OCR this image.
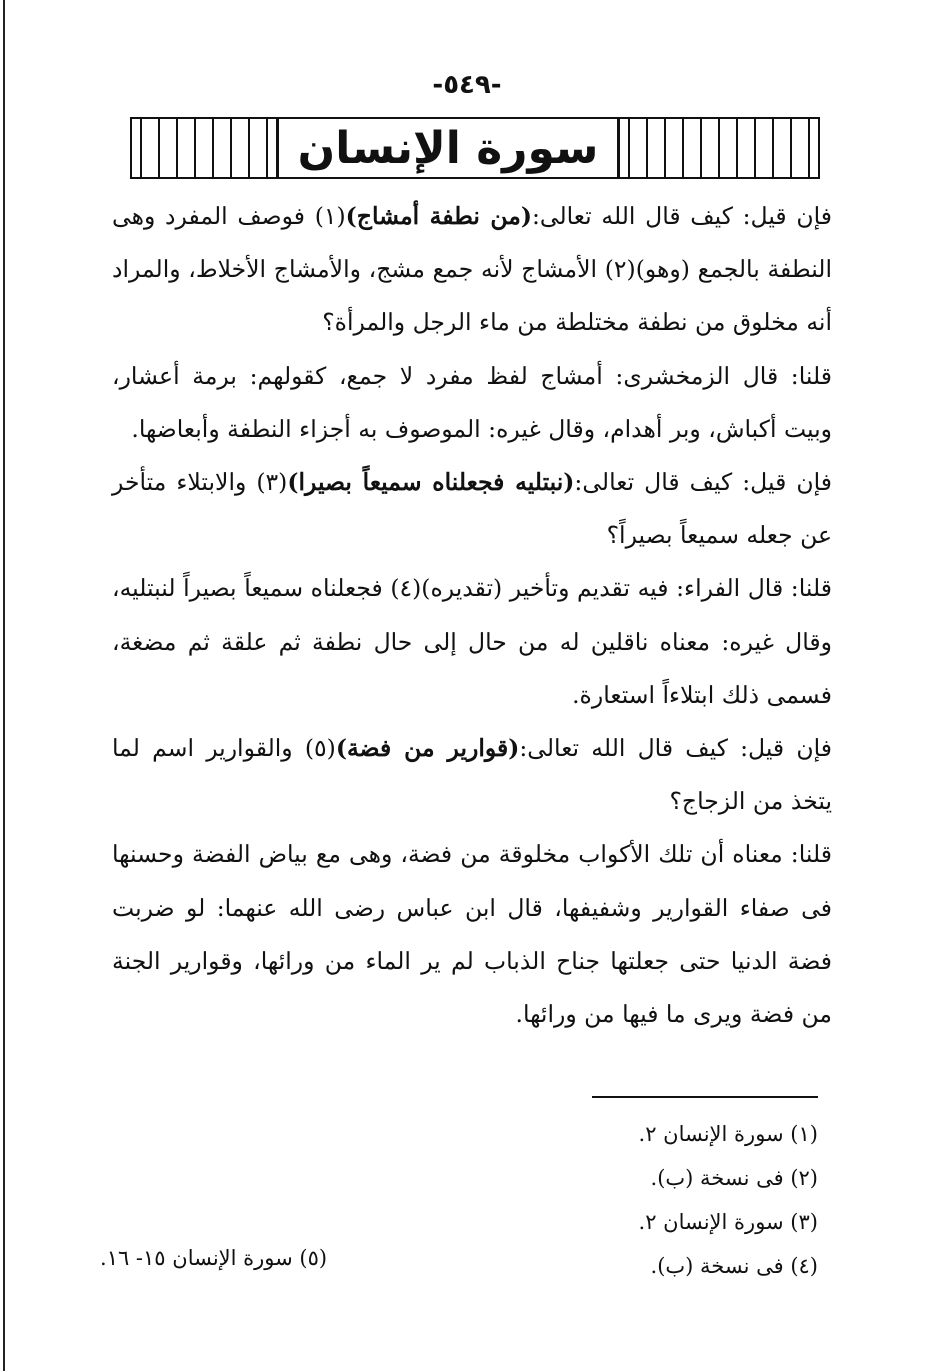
-٥٤٩-
سورة الإنسان

فإن قيل: كيف قال الله تعالى:(من نطفة أمشاج)(١) فوصف المفرد وهى النطفة بالجمع (وهو)(٢) الأمشاج لأنه جمع مشج، والأمشاج الأخلاط، والمراد أنه مخلوق من نطفة مختلطة من ماء الرجل والمرأة؟

قلنا: قال الزمخشرى: أمشاج لفظ مفرد لا جمع، كقولهم: برمة أعشار، وبيت أكباش، وبر أهدام، وقال غيره: الموصوف به أجزاء النطفة وأبعاضها.

فإن قيل: كيف قال تعالى:(نبتليه فجعلناه سميعاً بصيرا)(٣) والابتلاء متأخر عن جعله سميعاً بصيراً؟

قلنا: قال الفراء: فيه تقديم وتأخير (تقديره)(٤) فجعلناه سميعاً بصيراً لنبتليه، وقال غيره: معناه ناقلين له من حال إلى حال نطفة ثم علقة ثم مضغة، فسمى ذلك ابتلاءاً استعارة.

فإن قيل: كيف قال الله تعالى:(قوارير من فضة)(٥) والقوارير اسم لما يتخذ من الزجاج؟

قلنا: معناه أن تلك الأكواب مخلوقة من فضة، وهى مع بياض الفضة وحسنها فى صفاء القوارير وشفيفها، قال ابن عباس رضى الله عنهما: لو ضربت فضة الدنيا حتى جعلتها جناح الذباب لم ير الماء من ورائها، وقوارير الجنة من فضة ويرى ما فيها من ورائها.

(١) سورة الإنسان ٢.
(٢) فى نسخة (ب).
(٣) سورة الإنسان ٢.
(٤) فى نسخة (ب).
(٥) سورة الإنسان ١٥- ١٦.
